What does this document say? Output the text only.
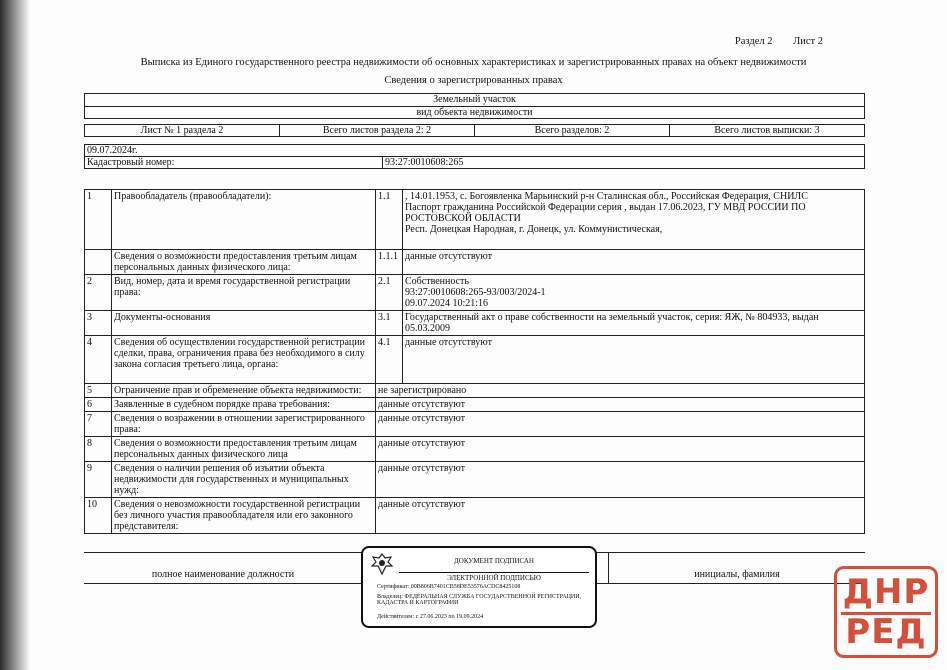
Раздел 2 Лист 2
Выписка из Единого государственного реестра недвижимости об основных характеристиках и зарегистрированных правах на объект недвижимости
Сведения о зарегистрированных правах
Земельный участок
вид объекта недвижимости
Лист № 1 раздела 2	Всего листов раздела 2: 2	Всего разделов: 2	Всего листов выписки: 3
09.07.2024г.
Кадастровый номер:	93:27:0010608:265
1	Правообладатель (правообладатели):	1.1	, 14.01.1953, с. Богоявленка Марьинский р-н Сталинская обл., Российская Федерация, СНИЛС
Паспорт гражданина Российской Федерации серия , выдан 17.06.2023, ГУ МВД РОССИИ ПО РОСТОВСКОЙ ОБЛАСТИ
Респ. Донецкая Народная, г. Донецк, ул. Коммунистическая,
	Сведения о возможности предоставления третьим лицам персональных данных физического лица:	1.1.1	данные отсутствуют
2	Вид, номер, дата и время государственной регистрации права:	2.1	Собственность
93:27:0010608:265-93/003/2024-1
09.07.2024 10:21:16
3	Документы-основания	3.1	Государственный акт о праве собственности на земельный участок, серия: ЯЖ, № 804933, выдан 05.03.2009
4	Сведения об осуществлении государственной регистрации сделки, права, ограничения права без необходимого в силу закона согласия третьего лица, органа:	4.1	данные отсутствуют
5	Ограничение прав и обременение объекта недвижимости:	не зарегистрировано	
6	Заявленные в судебном порядке права требования:	данные отсутствуют	
7	Сведения о возражении в отношении зарегистрированного права:	данные отсутствуют	
8	Сведения о возможности предоставления третьим лицам персональных данных физического лица	данные отсутствуют	
9	Сведения о наличии решения об изъятии объекта недвижимости для государственных и муниципальных нужд:	данные отсутствуют	
10	Сведения о невозможности государственной регистрации без личного участия правообладателя или его законного представителя:	данные отсутствуют	
полное наименование должности	инициалы, фамилия
ДОКУМЕНТ ПОДПИСАН
ЭЛЕКТРОННОЙ ПОДПИСЬЮ
Сертификат: 00B806B7401CB58DE53576ACDC8425108
Владелец: ФЕДЕРАЛЬНАЯ СЛУЖБА ГОСУДАРСТВЕННОЙ РЕГИСТРАЦИИ, КАДАСТРА И КАРТОГРАФИИ
Действителен: с 27.06.2023 по 19.09.2024
ДНР
РЕД
